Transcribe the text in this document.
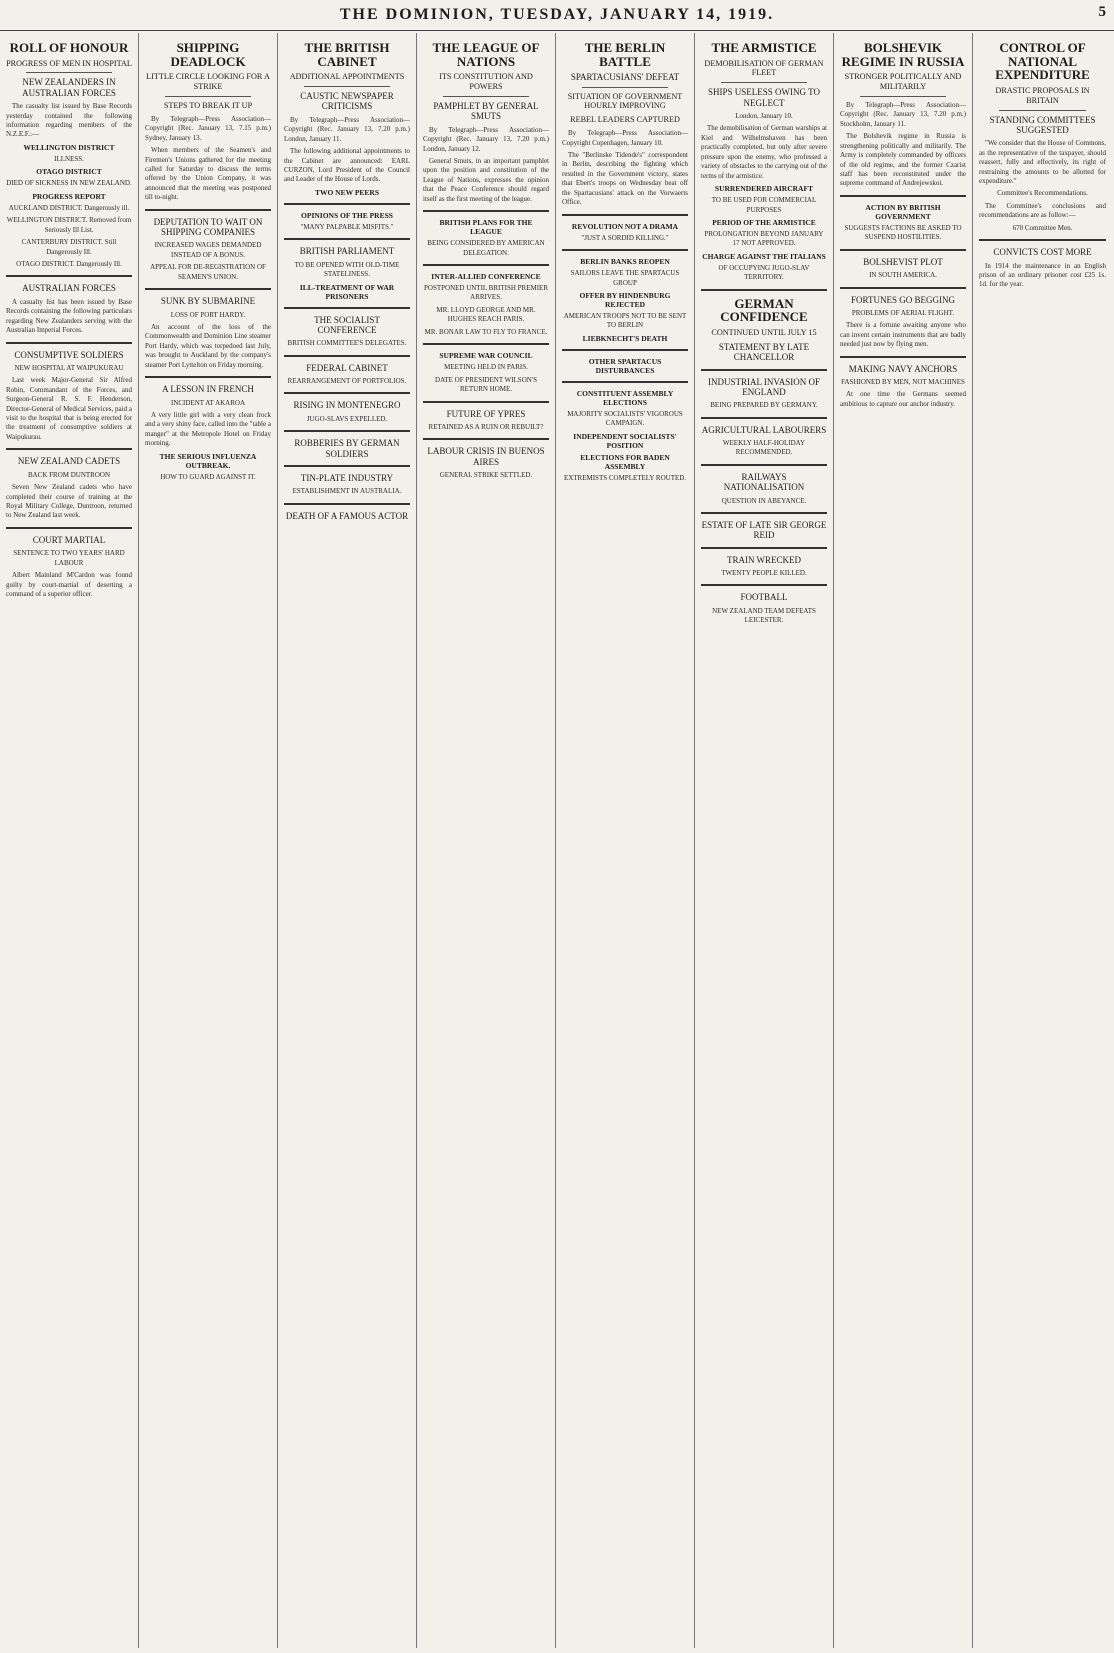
THE DOMINION, TUESDAY, JANUARY 14, 1919.	5
ROLL OF HONOUR
PROGRESS OF MEN IN HOSPITAL
NEW ZEALANDERS IN AUSTRALIAN FORCES

The casualty list issued by Base Records yesterday contained the following information regarding members of the N.Z.E.F.:—

WELLINGTON DISTRICT

ILLNESS.

OTAGO DISTRICT

DIED OF SICKNESS IN NEW ZEALAND.

PROGRESS REPORT

AUCKLAND DISTRICT. Dangerously ill.

WELLINGTON DISTRICT. Removed from Seriously Ill List.

CANTERBURY DISTRICT. Still Dangerously Ill.

OTAGO DISTRICT. Dangerously Ill.

AUSTRALIAN FORCES

A casualty list has been issued by Base Records containing the following particulars regarding New Zealanders serving with the Australian Imperial Forces.

CONSUMPTIVE SOLDIERS

NEW HOSPITAL AT WAIPUKURAU

Last week Major-General Sir Alfred Robin, Commandant of the Forces, and Surgeon-General R. S. F. Henderson, Director-General of Medical Services, paid a visit to the hospital that is being erected for the treatment of consumptive soldiers at Waipukurau.

NEW ZEALAND CADETS

BACK FROM DUNTROON

Seven New Zealand cadets who have completed their course of training at the Royal Military College, Duntroon, returned to New Zealand last week.

COURT MARTIAL

SENTENCE TO TWO YEARS' HARD LABOUR

Albert Mainland M'Cardon was found guilty by court-martial of deserting a command of a superior officer.

SHIPPING DEADLOCK
LITTLE CIRCLE LOOKING FOR A STRIKE
STEPS TO BREAK IT UP

By Telegraph—Press Association—Copyright (Rec. January 13, 7.15 p.m.) Sydney, January 13.

When members of the Seamen's and Firemen's Unions gathered for the meeting called for Saturday to discuss the terms offered by the Union Company, it was announced that the meeting was postponed till to-night.

DEPUTATION TO WAIT ON SHIPPING COMPANIES

INCREASED WAGES DEMANDED INSTEAD OF A BONUS.

APPEAL FOR DE-REGISTRATION OF SEAMEN'S UNION.

SUNK BY SUBMARINE

LOSS OF PORT HARDY.

An account of the loss of the Commonwealth and Dominion Line steamer Port Hardy, which was torpedoed last July, was brought to Auckland by the company's steamer Port Lyttelton on Friday morning.

A LESSON IN FRENCH

INCIDENT AT AKAROA

A very little girl with a very clean frock and a very shiny face, called into the "table a manger" at the Metropole Hotel on Friday morning.

THE SERIOUS INFLUENZA OUTBREAK.

HOW TO GUARD AGAINST IT.

THE BRITISH CABINET
ADDITIONAL APPOINTMENTS
CAUSTIC NEWSPAPER CRITICISMS

By Telegraph—Press Association—Copyright (Rec. January 13, 7.20 p.m.) London, January 11.

The following additional appointments to the Cabinet are announced: EARL CURZON, Lord President of the Council and Leader of the House of Lords.

TWO NEW PEERS
OPINIONS OF THE PRESS

"MANY PALPABLE MISFITS."

BRITISH PARLIAMENT

TO BE OPENED WITH OLD-TIME STATELINESS.

ILL-TREATMENT OF WAR PRISONERS
THE SOCIALIST CONFERENCE

BRITISH COMMITTEE'S DELEGATES.

FEDERAL CABINET

REARRANGEMENT OF PORTFOLIOS.

RISING IN MONTENEGRO

JUGO-SLAVS EXPELLED.

ROBBERIES BY GERMAN SOLDIERS
TIN-PLATE INDUSTRY

ESTABLISHMENT IN AUSTRALIA.

DEATH OF A FAMOUS ACTOR
THE LEAGUE OF NATIONS
ITS CONSTITUTION AND POWERS
PAMPHLET BY GENERAL SMUTS

By Telegraph—Press Association—Copyright (Rec. January 13, 7.20 p.m.) London, January 12.

General Smuts, in an important pamphlet upon the position and constitution of the League of Nations, expresses the opinion that the Peace Conference should regard itself as the first meeting of the league.

BRITISH PLANS FOR THE LEAGUE

BEING CONSIDERED BY AMERICAN DELEGATION.

INTER-ALLIED CONFERENCE

POSTPONED UNTIL BRITISH PREMIER ARRIVES.

MR. LLOYD GEORGE AND MR. HUGHES REACH PARIS.

MR. BONAR LAW TO FLY TO FRANCE.

SUPREME WAR COUNCIL

MEETING HELD IN PARIS.

DATE OF PRESIDENT WILSON'S RETURN HOME.

FUTURE OF YPRES

RETAINED AS A RUIN OR REBUILT?

LABOUR CRISIS IN BUENOS AIRES

GENERAL STRIKE SETTLED.

THE BERLIN BATTLE
SPARTACUSIANS' DEFEAT
SITUATION OF GOVERNMENT HOURLY IMPROVING
REBEL LEADERS CAPTURED

By Telegraph—Press Association—Copyright Copenhagen, January 10.

The "Berlinske Tidende's" correspondent in Berlin, describing the fighting which resulted in the Government victory, states that Ebert's troops on Wednesday beat off the Spartacusians' attack on the Vorwaerts Office.

REVOLUTION NOT A DRAMA

"JUST A SORDID KILLING."

BERLIN BANKS REOPEN

SAILORS LEAVE THE SPARTACUS GROUP

OFFER BY HINDENBURG REJECTED

AMERICAN TROOPS NOT TO BE SENT TO BERLIN

LIEBKNECHT'S DEATH
OTHER SPARTACUS DISTURBANCES
CONSTITUENT ASSEMBLY ELECTIONS

MAJORITY SOCIALISTS' VIGOROUS CAMPAIGN.

INDEPENDENT SOCIALISTS' POSITION
ELECTIONS FOR BADEN ASSEMBLY

EXTREMISTS COMPLETELY ROUTED.

THE ARMISTICE
DEMOBILISATION OF GERMAN FLEET
SHIPS USELESS OWING TO NEGLECT

London, January 10.

The demobilisation of German warships at Kiel and Wilhelmshaven has been practically completed, but only after severe pressure upon the enemy, who professed a variety of obstacles to the carrying out of the terms of the armistice.

SURRENDERED AIRCRAFT

TO BE USED FOR COMMERCIAL PURPOSES

PERIOD OF THE ARMISTICE

PROLONGATION BEYOND JANUARY 17 NOT APPROVED.

CHARGE AGAINST THE ITALIANS

OF OCCUPYING JUGO-SLAV TERRITORY.

GERMAN CONFIDENCE
CONTINUED UNTIL JULY 15
STATEMENT BY LATE CHANCELLOR
INDUSTRIAL INVASION OF ENGLAND

BEING PREPARED BY GERMANY.

AGRICULTURAL LABOURERS

WEEKLY HALF-HOLIDAY RECOMMENDED.

RAILWAYS NATIONALISATION

QUESTION IN ABEYANCE.

ESTATE OF LATE SIR GEORGE REID
TRAIN WRECKED

TWENTY PEOPLE KILLED.

FOOTBALL

NEW ZEALAND TEAM DEFEATS LEICESTER.

BOLSHEVIK REGIME IN RUSSIA
STRONGER POLITICALLY AND MILITARILY

By Telegraph—Press Association—Copyright (Rec. January 13, 7.20 p.m.) Stockholm, January 11.

The Bolshevik regime in Russia is strengthening politically and militarily. The Army is completely commanded by officers of the old regime, and the former Czarist staff has been reconstituted under the supreme command of Andrejewskoi.

ACTION BY BRITISH GOVERNMENT

SUGGESTS FACTIONS BE ASKED TO SUSPEND HOSTILITIES.

BOLSHEVIST PLOT

IN SOUTH AMERICA.

FORTUNES GO BEGGING

PROBLEMS OF AERIAL FLIGHT.

There is a fortune awaiting anyone who can invent certain instruments that are badly needed just now by flying men.

MAKING NAVY ANCHORS

FASHIONED BY MEN, NOT MACHINES

At one time the Germans seemed ambitious to capture our anchor industry.

CONTROL OF NATIONAL EXPENDITURE
DRASTIC PROPOSALS IN BRITAIN
STANDING COMMITTEES SUGGESTED

"We consider that the House of Commons, as the representative of the taxpayer, should reassert, fully and effectively, its right of restraining the amounts to be allotted for expenditure."

Committee's Recommendations.

The Committee's conclusions and recommendations are as follow:—

670 Committee Men.

CONVICTS COST MORE

In 1914 the maintenance in an English prison of an ordinary prisoner cost £25 1s. 1d. for the year.
